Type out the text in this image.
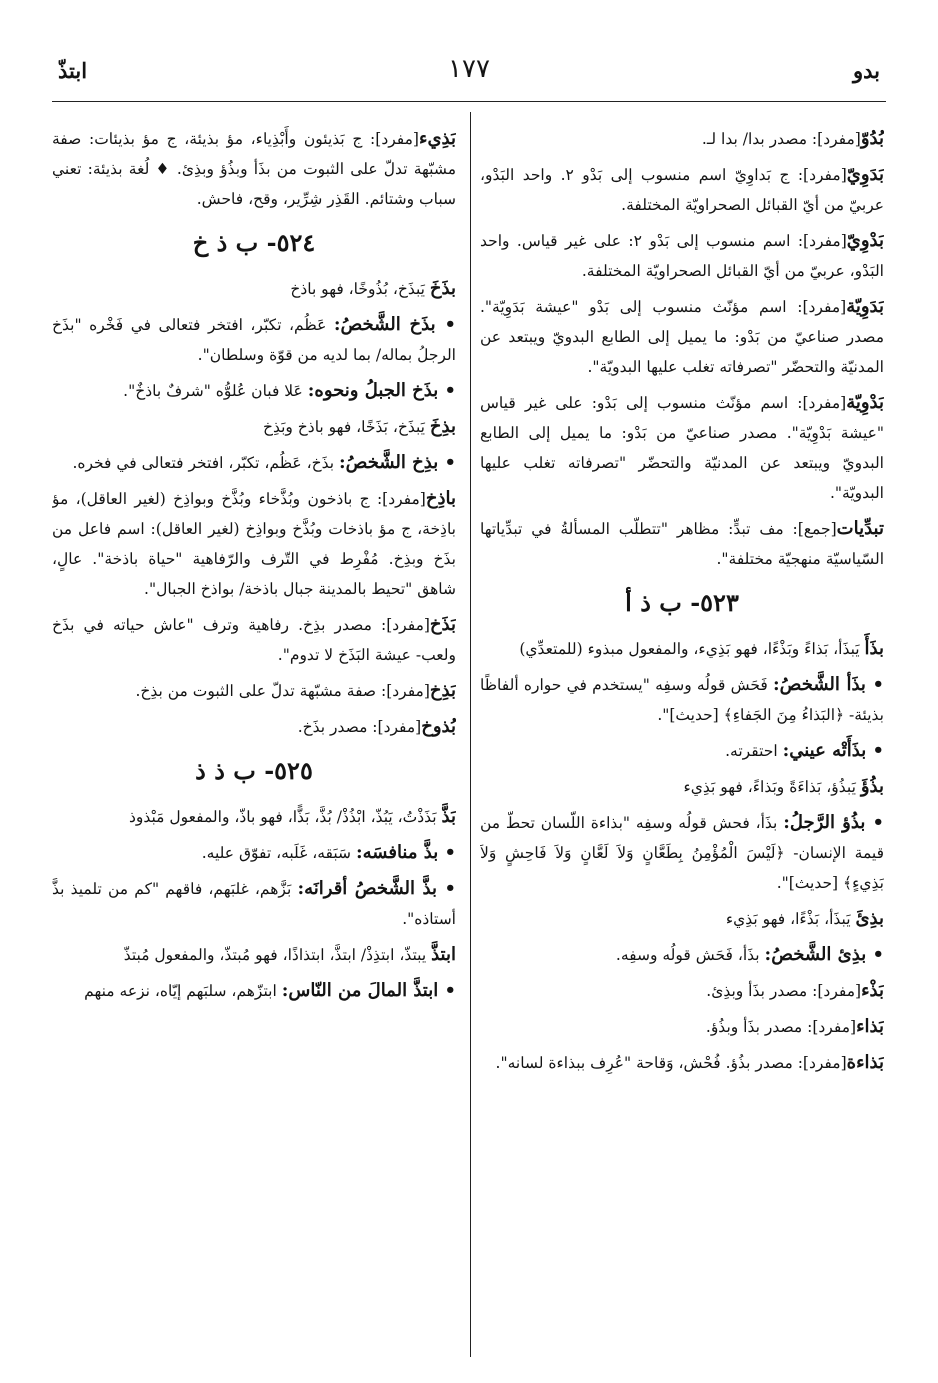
بدو
١٧٧
ابتذّ
بُدُوّ[مفرد]: مصدر بدا/ بدا لـ.
بَدَوِيّ[مفرد]: ج بَداوِيّ اسم منسوب إلى بَدْو ٢. واحد البَدْو، عربيّ من أيّ القبائل الصحراويّة المختلفة.
بَدْوِيّ[مفرد]: اسم منسوب إلى بَدْو ٢: على غير قياس. واحد البَدْو، عربيّ من أيّ القبائل الصحراويّة المختلفة.
بَدَوِيّة[مفرد]: اسم مؤنّث منسوب إلى بَدْو "عيشة بَدَوِيّة". مصدر صناعيّ من بَدْو: ما يميل إلى الطابع البدويّ ويبتعد عن المدنيّة والتحضّر "تصرفاته تغلب عليها البدويّة".
بَدْوِيّة[مفرد]: اسم مؤنّث منسوب إلى بَدْو: على غير قياس "عيشة بَدْوِيّة". مصدر صناعيّ من بَدْو: ما يميل إلى الطابع البدويّ ويبتعد عن المدنيّة والتحضّر "تصرفاته تغلب عليها البدويّة".
تبدِّيات[جمع]: مف تبدٍّ: مظاهر "تتطلّب المسألةُ في تبدِّياتها السّياسيّة منهجيّة مختلفة".
٥٢٣- ب ذ أ
بذَأَ يَبذَأ، بَذاءً وبَذْءًا، فهو بَذِيء، والمفعول مبذوء (للمتعدِّي)
• بذَأ الشَّخصُ: فَحَش قولُه وسفِه "يستخدم في حواره ألفاظًا بذيئة- ﴿البَذاءُ مِنَ الجَفاءِ﴾ [حديث]".
• بذَأَتْه عيني: احتقرته.
بذُؤَ يَبذُؤ، بَذاءَةً وبَذاءً، فهو بَذِيء
• بذُؤ الرَّجلُ: بذَأ، فحش قولُه وسفِه "بذاءة اللّسان تحطّ من قيمة الإنسان- ﴿لَيْسَ الْمُؤْمِنُ بِطَعَّانٍ وَلاَ لَعَّانٍ وَلاَ فَاحِشٍ وَلاَ بَذِيءٍ﴾ [حديث]".
بذِئَ يَبذَأ، بَذْءًا، فهو بَذِيء
• بذِئ الشَّخصُ: بذَأ، فَحَش قولُه وسفِه.
بَذْء[مفرد]: مصدر بذَأ وبذِئ.
بَذاء[مفرد]: مصدر بذَأ وبذُؤ.
بَذاءة[مفرد]: مصدر بذُؤ. فُحْش، وَقاحة "عُرِف ببذاءة لسانه".
بَذِيء[مفرد]: ج بَذيئون وأَبْذِياء، مؤ بذيئة، ج مؤ بذيئات: صفة مشبّهة تدلّ على الثبوت من بذَأ وبذُؤ وبذِئ. ♦ لُغة بذيئة: تعني سباب وشتائم. القَذِر شِرِّير، وقح، فاحش.
٥٢٤- ب ذ خ
بذَخَ يَبذَخ، بُذُوخًا، فهو باذخ
• بذَخ الشَّخصُ: عَظُم، تكبّر، افتخر فتعالى في فَخْره "بذَخ الرجلُ بماله/ بما لديه من قوّة وسلطان".
• بذَخ الجبلُ ونحوه: عَلا فبان عُلوُّه "شرفٌ باذخٌ".
بذِخَ يَبذَخ، بَذَخًا، فهو باذخ وبَذِخ
• بذِخ الشَّخصُ: بذَخ، عَظُم، تكبّر، افتخر فتعالى في فخره.
باذِخ[مفرد]: ج باذخون وبُذَّخاء وبُذَّخ وبواذِخ (لغير العاقل)، مؤ باذِخة، ج مؤ باذخات وبُذَّخ وبواذِخ (لغير العاقل): اسم فاعل من بذَخ وبذِخ. مُفْرِط في التّرف والرّفاهية "حياة باذخة". عالٍ، شاهق "تحيط بالمدينة جبال باذخة/ بواذخ الجبال".
بَذَخ[مفرد]: مصدر بذِخ. رفاهية وترف "عاش حياته في بذَخ ولعب- عيشة البَذَخ لا تدوم".
بَذِخ[مفرد]: صفة مشبّهة تدلّ على الثبوت من بذِخ.
بُذوخ[مفرد]: مصدر بذَخ.
٥٢٥- ب ذ ذ
بَذَّ بَذَذْتُ، يَبُذّ، ابْذُذْ/ بُذَّ، بَذًّا، فهو باذّ، والمفعول مَبْذوذ
• بذَّ منافسَه: سَبَقه، غَلَبه، تفوّق عليه.
• بذَّ الشَّخصُ أقرانَه: بَزَّهم، غلبَهم، فاقهم "كم من تلميذ بذَّ أستاذه".
ابتذَّ يبتذّ، ابتذِذْ/ ابتذَّ، ابتذاذًا، فهو مُبتذّ، والمفعول مُبتذّ
• ابتذَّ المالَ من النّاس: ابتزّهم، سلبَهم إيّاه، نزعه منهم
